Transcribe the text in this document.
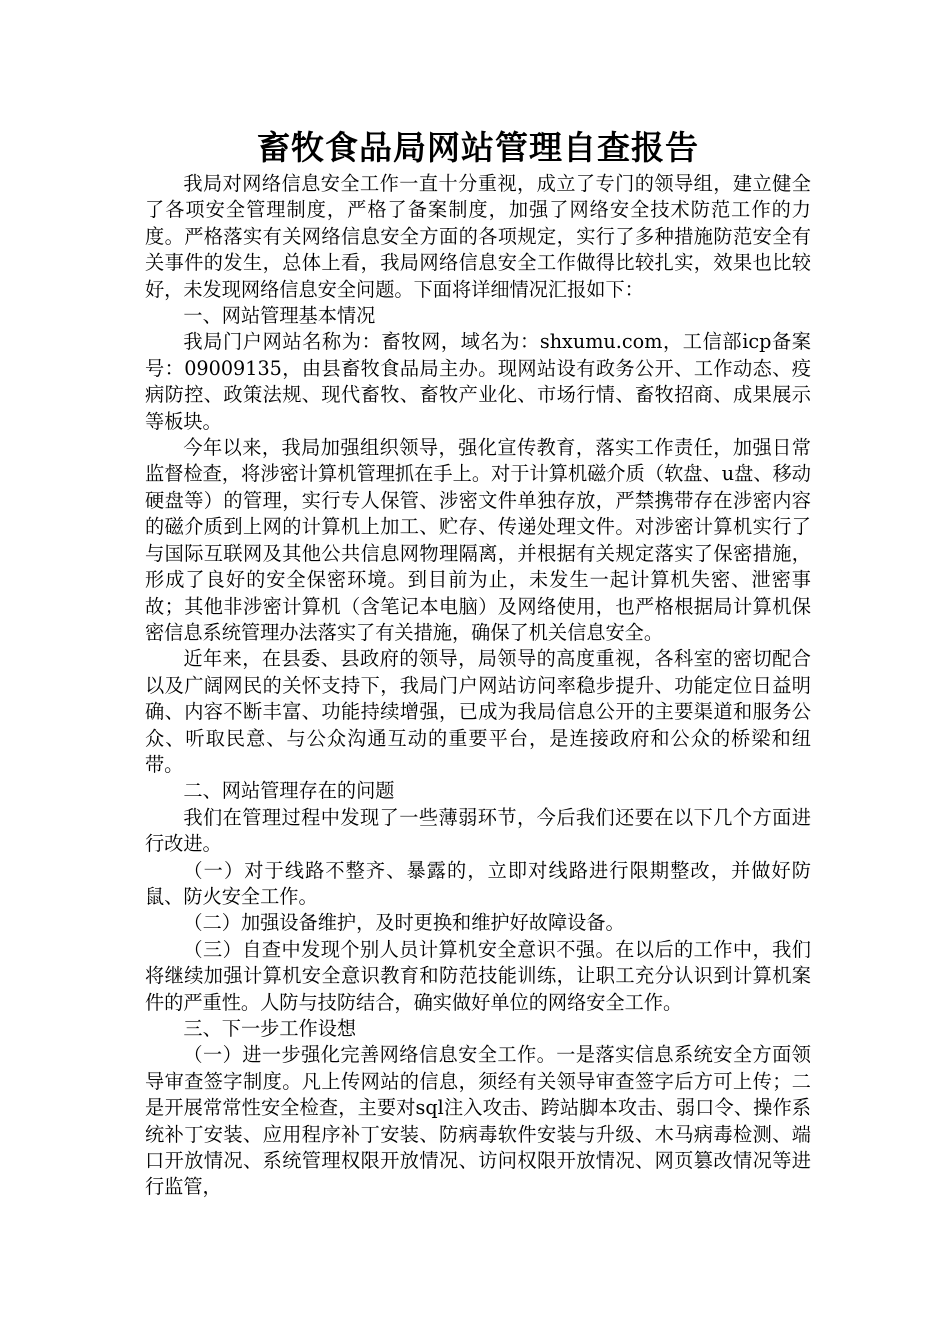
畜牧食品局网站管理自查报告

我局对网络信息安全工作一直十分重视，成立了专门的领导组，建立健全了各项安全管理制度，严格了备案制度，加强了网络安全技术防范工作的力度。严格落实有关网络信息安全方面的各项规定，实行了多种措施防范安全有关事件的发生，总体上看，我局网络信息安全工作做得比较扎实，效果也比较好，未发现网络信息安全问题。下面将详细情况汇报如下：

一、网站管理基本情况

我局门户网站名称为：畜牧网，域名为：shxumu.com，工信部icp备案号：09009135，由县畜牧食品局主办。现网站设有政务公开、工作动态、疫病防控、政策法规、现代畜牧、畜牧产业化、市场行情、畜牧招商、成果展示等板块。

今年以来，我局加强组织领导，强化宣传教育，落实工作责任，加强日常监督检查，将涉密计算机管理抓在手上。对于计算机磁介质（软盘、u盘、移动硬盘等）的管理，实行专人保管、涉密文件单独存放，严禁携带存在涉密内容的磁介质到上网的计算机上加工、贮存、传递处理文件。对涉密计算机实行了与国际互联网及其他公共信息网物理隔离，并根据有关规定落实了保密措施，形成了良好的安全保密环境。到目前为止，未发生一起计算机失密、泄密事故；其他非涉密计算机（含笔记本电脑）及网络使用，也严格根据局计算机保密信息系统管理办法落实了有关措施，确保了机关信息安全。

近年来，在县委、县政府的领导，局领导的高度重视，各科室的密切配合以及广阔网民的关怀支持下，我局门户网站访问率稳步提升、功能定位日益明确、内容不断丰富、功能持续增强，已成为我局信息公开的主要渠道和服务公众、听取民意、与公众沟通互动的重要平台，是连接政府和公众的桥梁和纽带。

二、网站管理存在的问题

我们在管理过程中发现了一些薄弱环节，今后我们还要在以下几个方面进行改进。

（一）对于线路不整齐、暴露的，立即对线路进行限期整改，并做好防鼠、防火安全工作。

（二）加强设备维护，及时更换和维护好故障设备。

（三）自查中发现个别人员计算机安全意识不强。在以后的工作中，我们将继续加强计算机安全意识教育和防范技能训练，让职工充分认识到计算机案件的严重性。人防与技防结合，确实做好单位的网络安全工作。

三、下一步工作设想

（一）进一步强化完善网络信息安全工作。一是落实信息系统安全方面领导审查签字制度。凡上传网站的信息，须经有关领导审查签字后方可上传；二是开展常常性安全检查，主要对sql注入攻击、跨站脚本攻击、弱口令、操作系统补丁安装、应用程序补丁安装、防病毒软件安装与升级、木马病毒检测、端口开放情况、系统管理权限开放情况、访问权限开放情况、网页篡改情况等进行监管，
